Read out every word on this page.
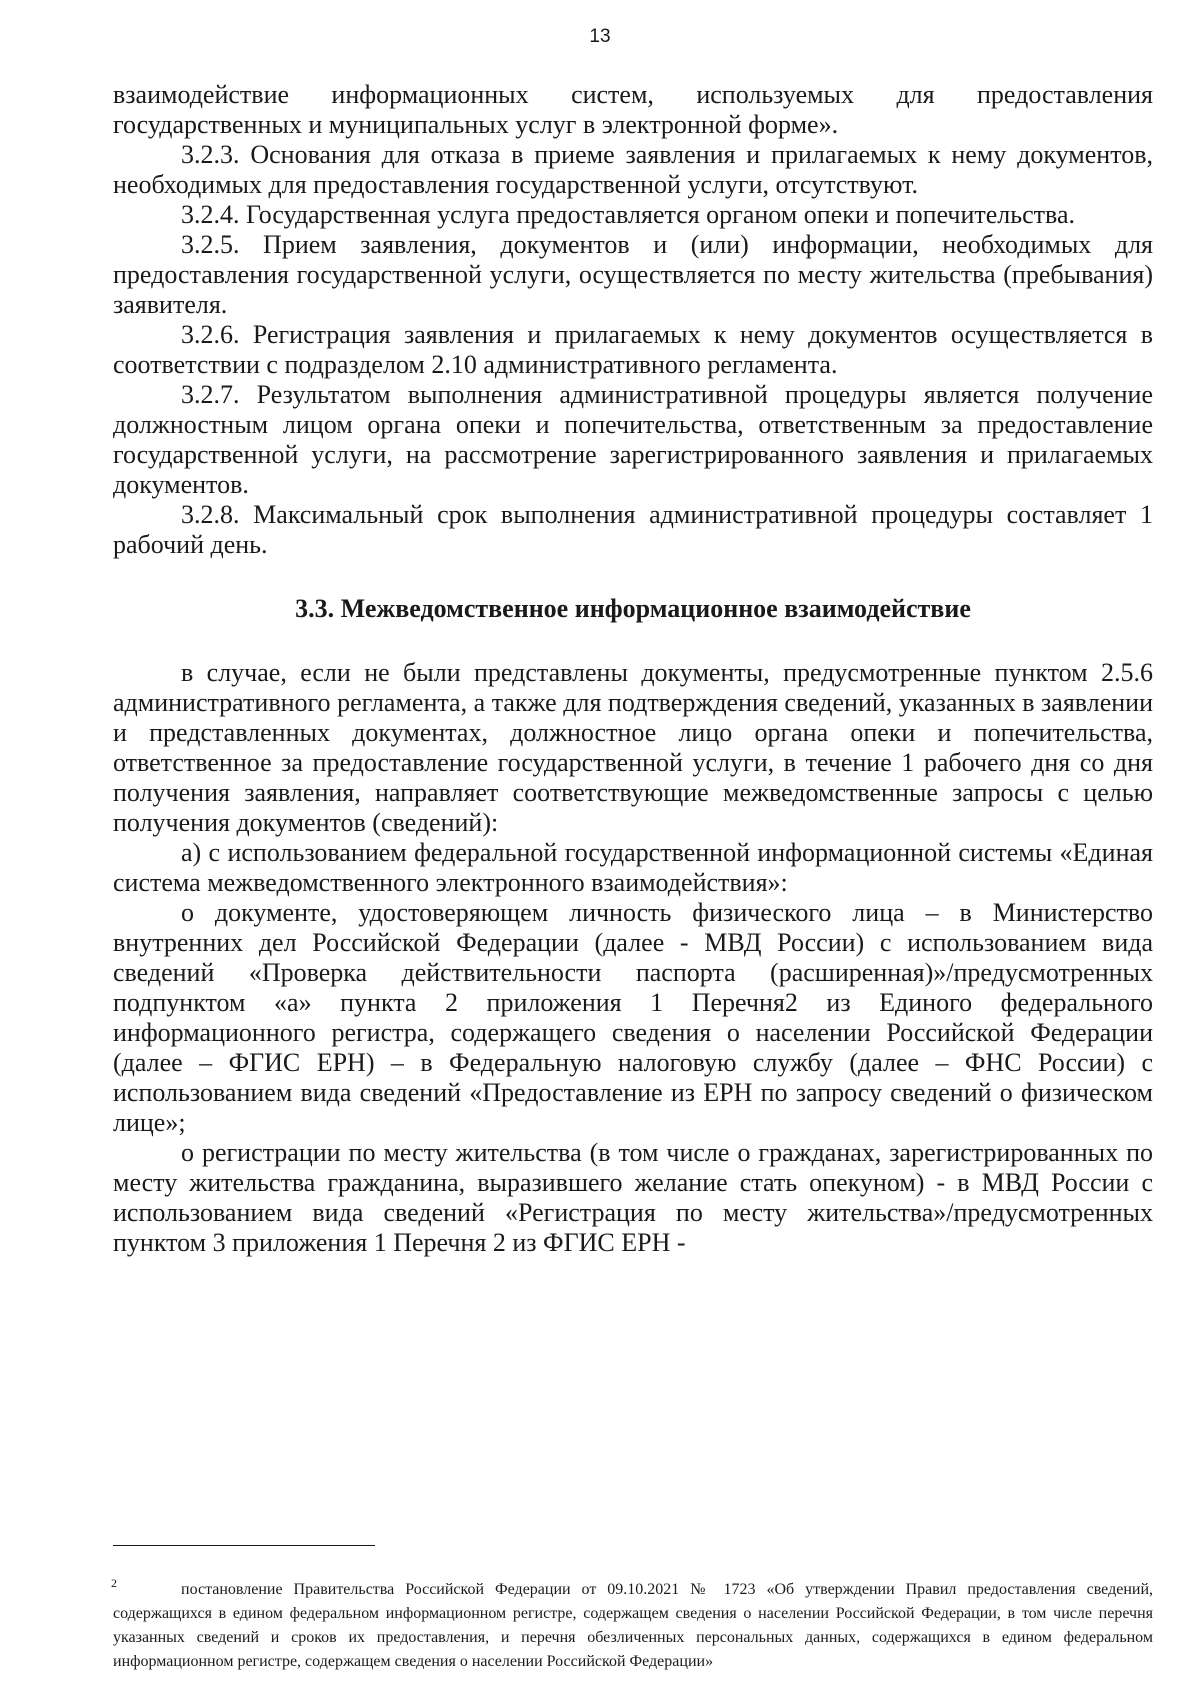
13

взаимодействие информационных систем, используемых для предоставления государственных и муниципальных услуг в электронной форме».

3.2.3. Основания для отказа в приеме заявления и прилагаемых к нему документов, необходимых для предоставления государственной услуги, отсутствуют.

3.2.4. Государственная услуга предоставляется органом опеки и попечительства.

3.2.5. Прием заявления, документов и (или) информации, необходимых для предоставления государственной услуги, осуществляется по месту жительства (пребывания) заявителя.

3.2.6. Регистрация заявления и прилагаемых к нему документов осуществляется в соответствии с подразделом 2.10 административного регламента.

3.2.7. Результатом выполнения административной процедуры является получение должностным лицом органа опеки и попечительства, ответственным за предоставление государственной услуги, на рассмотрение зарегистрированного заявления и прилагаемых документов.

3.2.8. Максимальный срок выполнения административной процедуры составляет 1 рабочий день.

3.3. Межведомственное информационное взаимодействие

в случае, если не были представлены документы, предусмотренные пунктом 2.5.6 административного регламента, а также для подтверждения сведений, указанных в заявлении и представленных документах, должностное лицо органа опеки и попечительства, ответственное за предоставление государственной услуги, в течение 1 рабочего дня со дня получения заявления, направляет соответствующие межведомственные запросы с целью получения документов (сведений):

а) с использованием федеральной государственной информационной системы «Единая система межведомственного электронного взаимодействия»:

о документе, удостоверяющем личность физического лица – в Министерство внутренних дел Российской Федерации (далее - МВД России) с использованием вида сведений «Проверка действительности паспорта (расширенная)»/предусмотренных подпунктом «а» пункта 2 приложения 1 Перечня2 из Единого федерального информационного регистра, содержащего сведения о населении Российской Федерации (далее – ФГИС ЕРН) – в Федеральную налоговую службу (далее – ФНС России) с использованием вида сведений «Предоставление из ЕРН по запросу сведений о физическом лице»;

о регистрации по месту жительства (в том числе о гражданах, зарегистрированных по месту жительства гражданина, выразившего желание стать опекуном) - в МВД России с использованием вида сведений «Регистрация по месту жительства»/предусмотренных пунктом 3 приложения 1 Перечня 2 из ФГИС ЕРН -

2	постановление Правительства Российской Федерации от 09.10.2021 № 1723 «Об утверждении Правил предоставления сведений, содержащихся в едином федеральном информационном регистре, содержащем сведения о населении Российской Федерации, в том числе перечня указанных сведений и сроков их предоставления, и перечня обезличенных персональных данных, содержащихся в едином федеральном информационном регистре, содержащем сведения о населении Российской Федерации»
